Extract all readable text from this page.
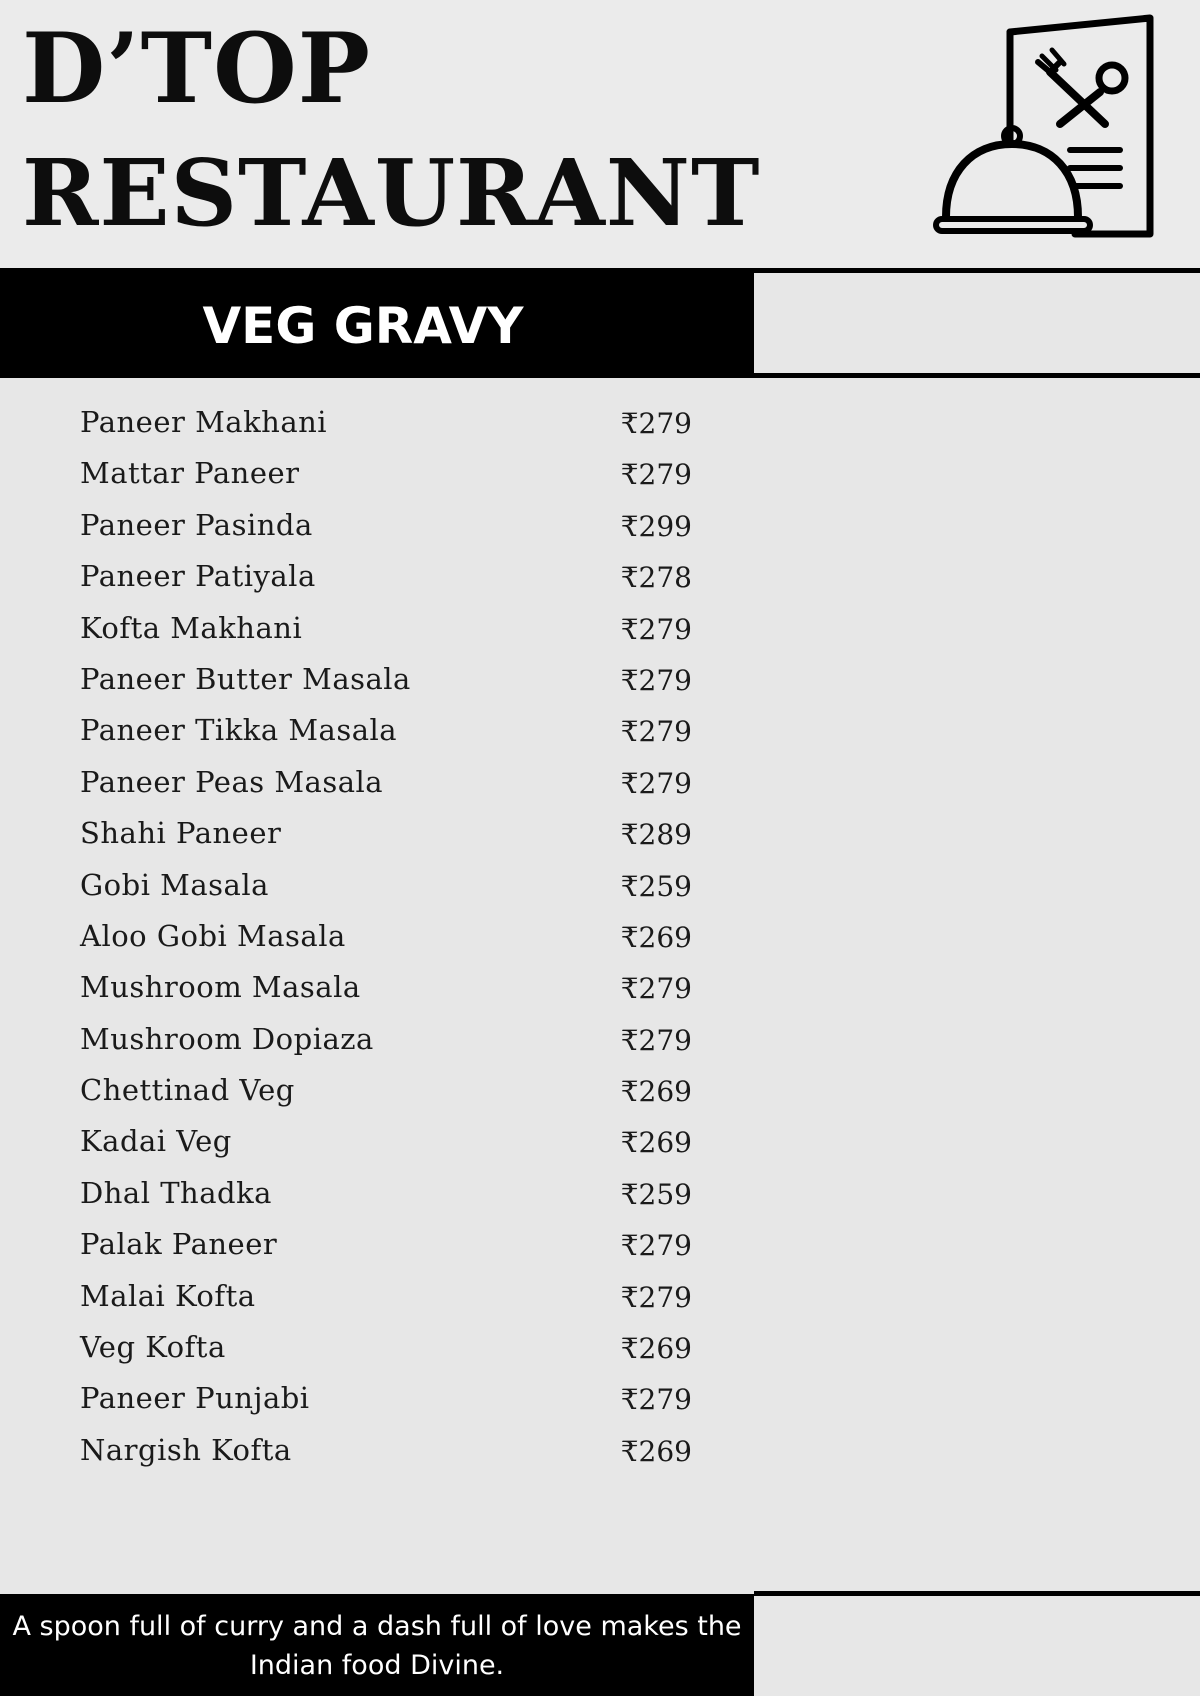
D’TOP
RESTAURANT
VEG GRAVY
Paneer Makhani	₹279
Mattar Paneer	₹279
Paneer Pasinda	₹299
Paneer Patiyala	₹278
Kofta Makhani	₹279
Paneer Butter Masala	₹279
Paneer Tikka Masala	₹279
Paneer Peas Masala	₹279
Shahi Paneer	₹289
Gobi Masala	₹259
Aloo Gobi Masala	₹269
Mushroom Masala	₹279
Mushroom Dopiaza	₹279
Chettinad Veg	₹269
Kadai Veg	₹269
Dhal Thadka	₹259
Palak Paneer	₹279
Malai Kofta	₹279
Veg Kofta	₹269
Paneer Punjabi	₹279
Nargish Kofta	₹269

A spoon full of curry and a dash full of love makes the
Indian food Divine.
